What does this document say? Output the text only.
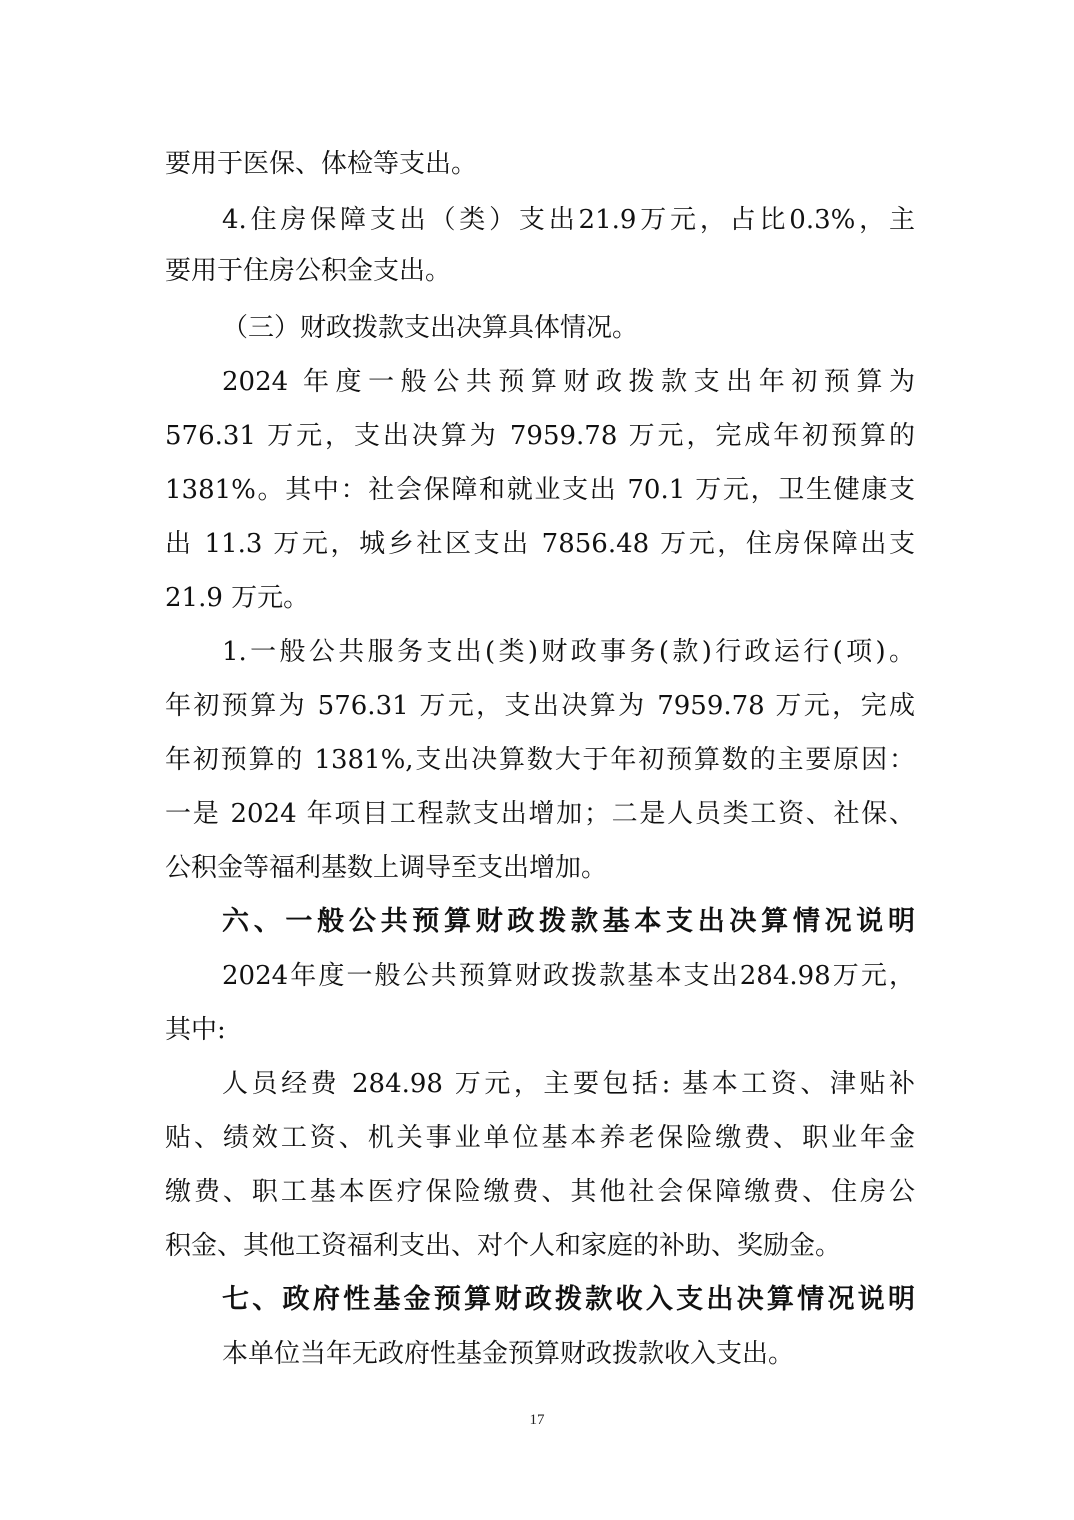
要用于医保、体检等支出。
4.住房保障支出（类）支出21.9万元，占比0.3%，主
要用于住房公积金支出。
（三）财政拨款支出决算具体情况。
2024 年度一般公共预算财政拨款支出年初预算为
576.31 万元，支出决算为 7959.78 万元，完成年初预算的
1381%。其中：社会保障和就业支出 70.1 万元，卫生健康支
出 11.3 万元，城乡社区支出 7856.48 万元，住房保障出支
21.9 万元。
1.一般公共服务支出(类)财政事务(款)行政运行(项)。
年初预算为 576.31 万元，支出决算为 7959.78 万元，完成
年初预算的 1381%,支出决算数大于年初预算数的主要原因：
一是 2024 年项目工程款支出增加；二是人员类工资、社保、
公积金等福利基数上调导至支出增加。
六、一般公共预算财政拨款基本支出决算情况说明
2024年度一般公共预算财政拨款基本支出284.98万元，
其中:
人员经费 284.98 万元，主要包括: 基本工资、津贴补
贴、绩效工资、机关事业单位基本养老保险缴费、职业年金
缴费、职工基本医疗保险缴费、其他社会保障缴费、住房公
积金、其他工资福利支出、对个人和家庭的补助、奖励金。
七、政府性基金预算财政拨款收入支出决算情况说明
本单位当年无政府性基金预算财政拨款收入支出。
17
